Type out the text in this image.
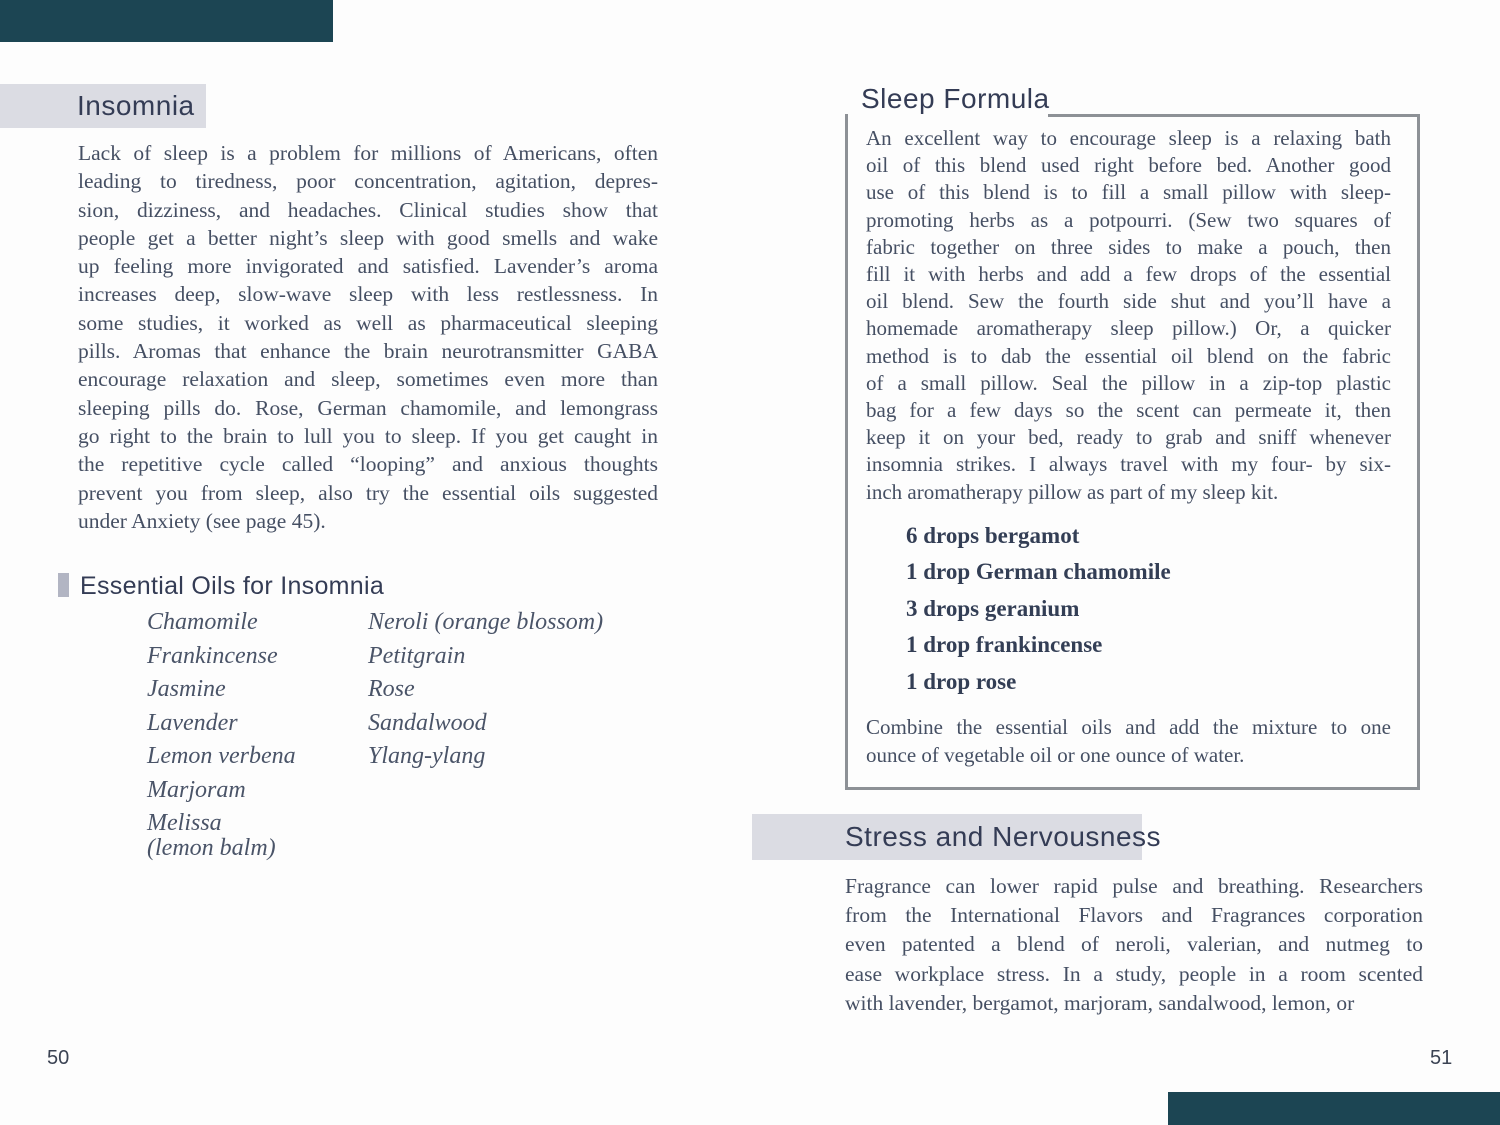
Insomnia
Lack of sleep is a problem for millions of Americans, often
leading to tiredness, poor concentration, agitation, depres-
sion, dizziness, and headaches. Clinical studies show that
people get a better night’s sleep with good smells and wake
up feeling more invigorated and satisfied. Lavender’s aroma
increases deep, slow-wave sleep with less restlessness. In
some studies, it worked as well as pharmaceutical sleeping
pills. Aromas that enhance the brain neurotransmitter GABA
encourage relaxation and sleep, sometimes even more than
sleeping pills do. Rose, German chamomile, and lemongrass
go right to the brain to lull you to sleep. If you get caught in
the repetitive cycle called “looping” and anxious thoughts
prevent you from sleep, also try the essential oils suggested
under Anxiety (see page 45).
Essential Oils for Insomnia
Chamomile
Frankincense
Jasmine
Lavender
Lemon verbena
Marjoram
Melissa
(lemon balm)
Neroli (orange blossom)
Petitgrain
Rose
Sandalwood
Ylang-ylang
50
Sleep Formula
An excellent way to encourage sleep is a relaxing bath
oil of this blend used right before bed. Another good
use of this blend is to fill a small pillow with sleep-
promoting herbs as a potpourri. (Sew two squares of
fabric together on three sides to make a pouch, then
fill it with herbs and add a few drops of the essential
oil blend. Sew the fourth side shut and you’ll have a
homemade aromatherapy sleep pillow.) Or, a quicker
method is to dab the essential oil blend on the fabric
of a small pillow. Seal the pillow in a zip-top plastic
bag for a few days so the scent can permeate it, then
keep it on your bed, ready to grab and sniff whenever
insomnia strikes. I always travel with my four- by six-
inch aromatherapy pillow as part of my sleep kit.
6 drops bergamot
1 drop German chamomile
3 drops geranium
1 drop frankincense
1 drop rose
Combine the essential oils and add the mixture to one
ounce of vegetable oil or one ounce of water.
Stress and Nervousness
Fragrance can lower rapid pulse and breathing. Researchers
from the International Flavors and Fragrances corporation
even patented a blend of neroli, valerian, and nutmeg to
ease workplace stress. In a study, people in a room scented
with lavender, bergamot, marjoram, sandalwood, lemon, or
51
